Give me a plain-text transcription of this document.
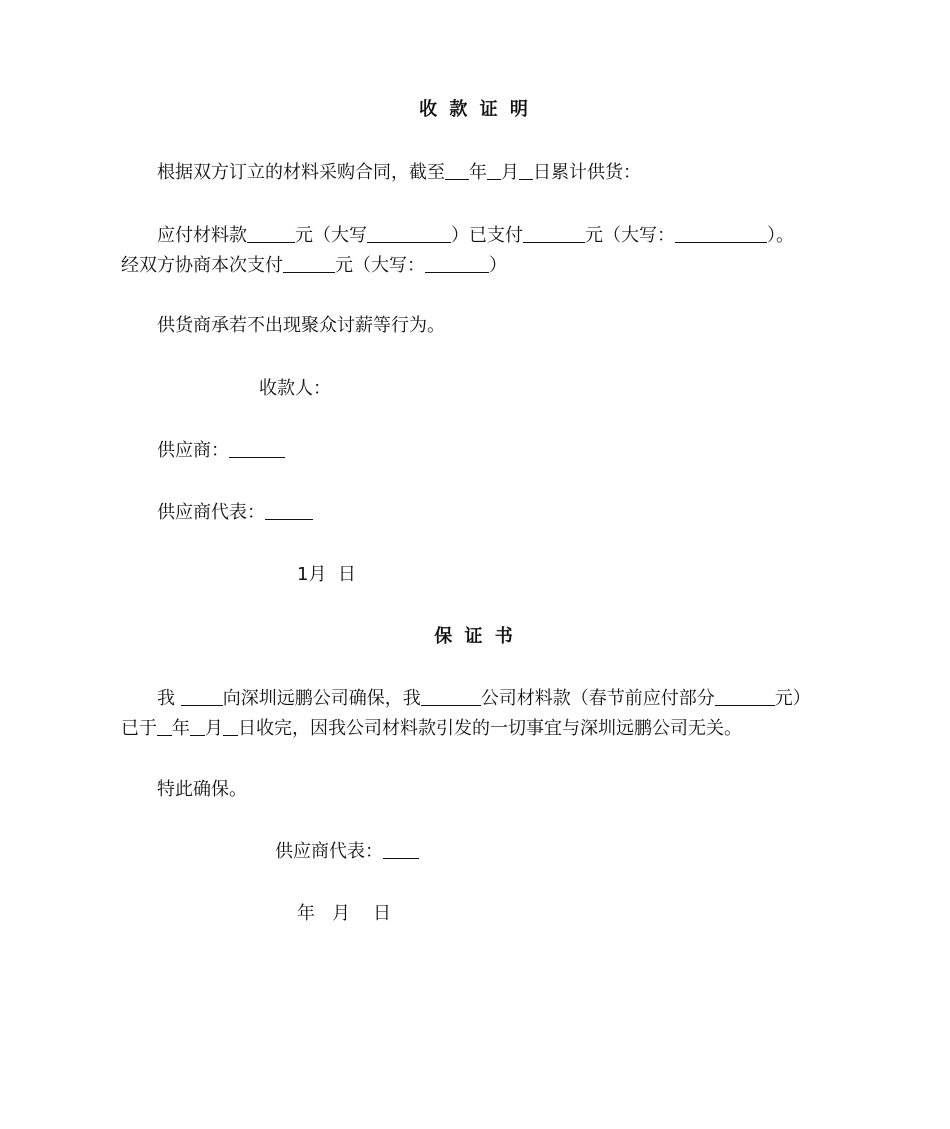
收 款 证 明
根据双方订立的材料采购合同，截至 年 月 日累计供货：
应付材料款	元（大写	）已支付	元（大写：	）。
经双方协商本次支付	元（大写：	）
供货商承若不出现聚众讨薪等行为。
收款人：
供应商：
供应商代表：
1月  日
保 证 书
我	向深圳远鹏公司确保，我	公司材料款（春节前应付部分	元）
已于 年 月 日收完，因我公司材料款引发的一切事宜与深圳远鹏公司无关。
特此确保。
供应商代表：
年   月    日
